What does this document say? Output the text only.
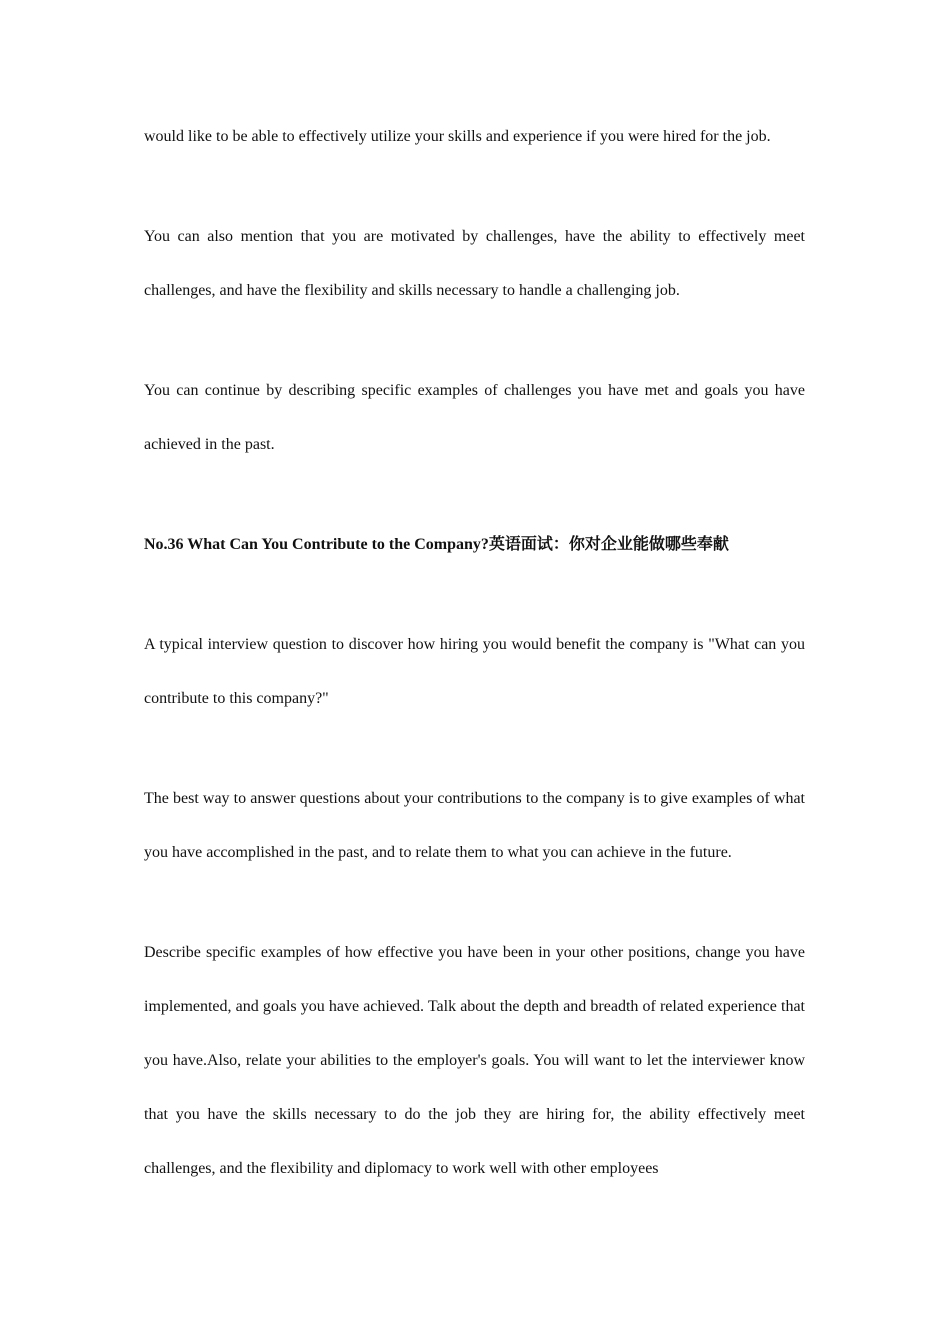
would like to be able to effectively utilize your skills and experience if you were hired for the job.

You can also mention that you are motivated by challenges, have the ability to effectively meet challenges, and have the flexibility and skills necessary to handle a challenging job.

You can continue by describing specific examples of challenges you have met and goals you have achieved in the past.

No.36 What Can You Contribute to the Company?英语面试：你对企业能做哪些奉献

A typical interview question to discover how hiring you would benefit the company is "What can you contribute to this company?"

The best way to answer questions about your contributions to the company is to give examples of what you have accomplished in the past, and to relate them to what you can achieve in the future.

Describe specific examples of how effective you have been in your other positions, change you have implemented, and goals you have achieved. Talk about the depth and breadth of related experience that you have.Also, relate your abilities to the employer's goals. You will want to let the interviewer know that you have the skills necessary to do the job they are hiring for, the ability effectively meet challenges, and the flexibility and diplomacy to work well with other employees
